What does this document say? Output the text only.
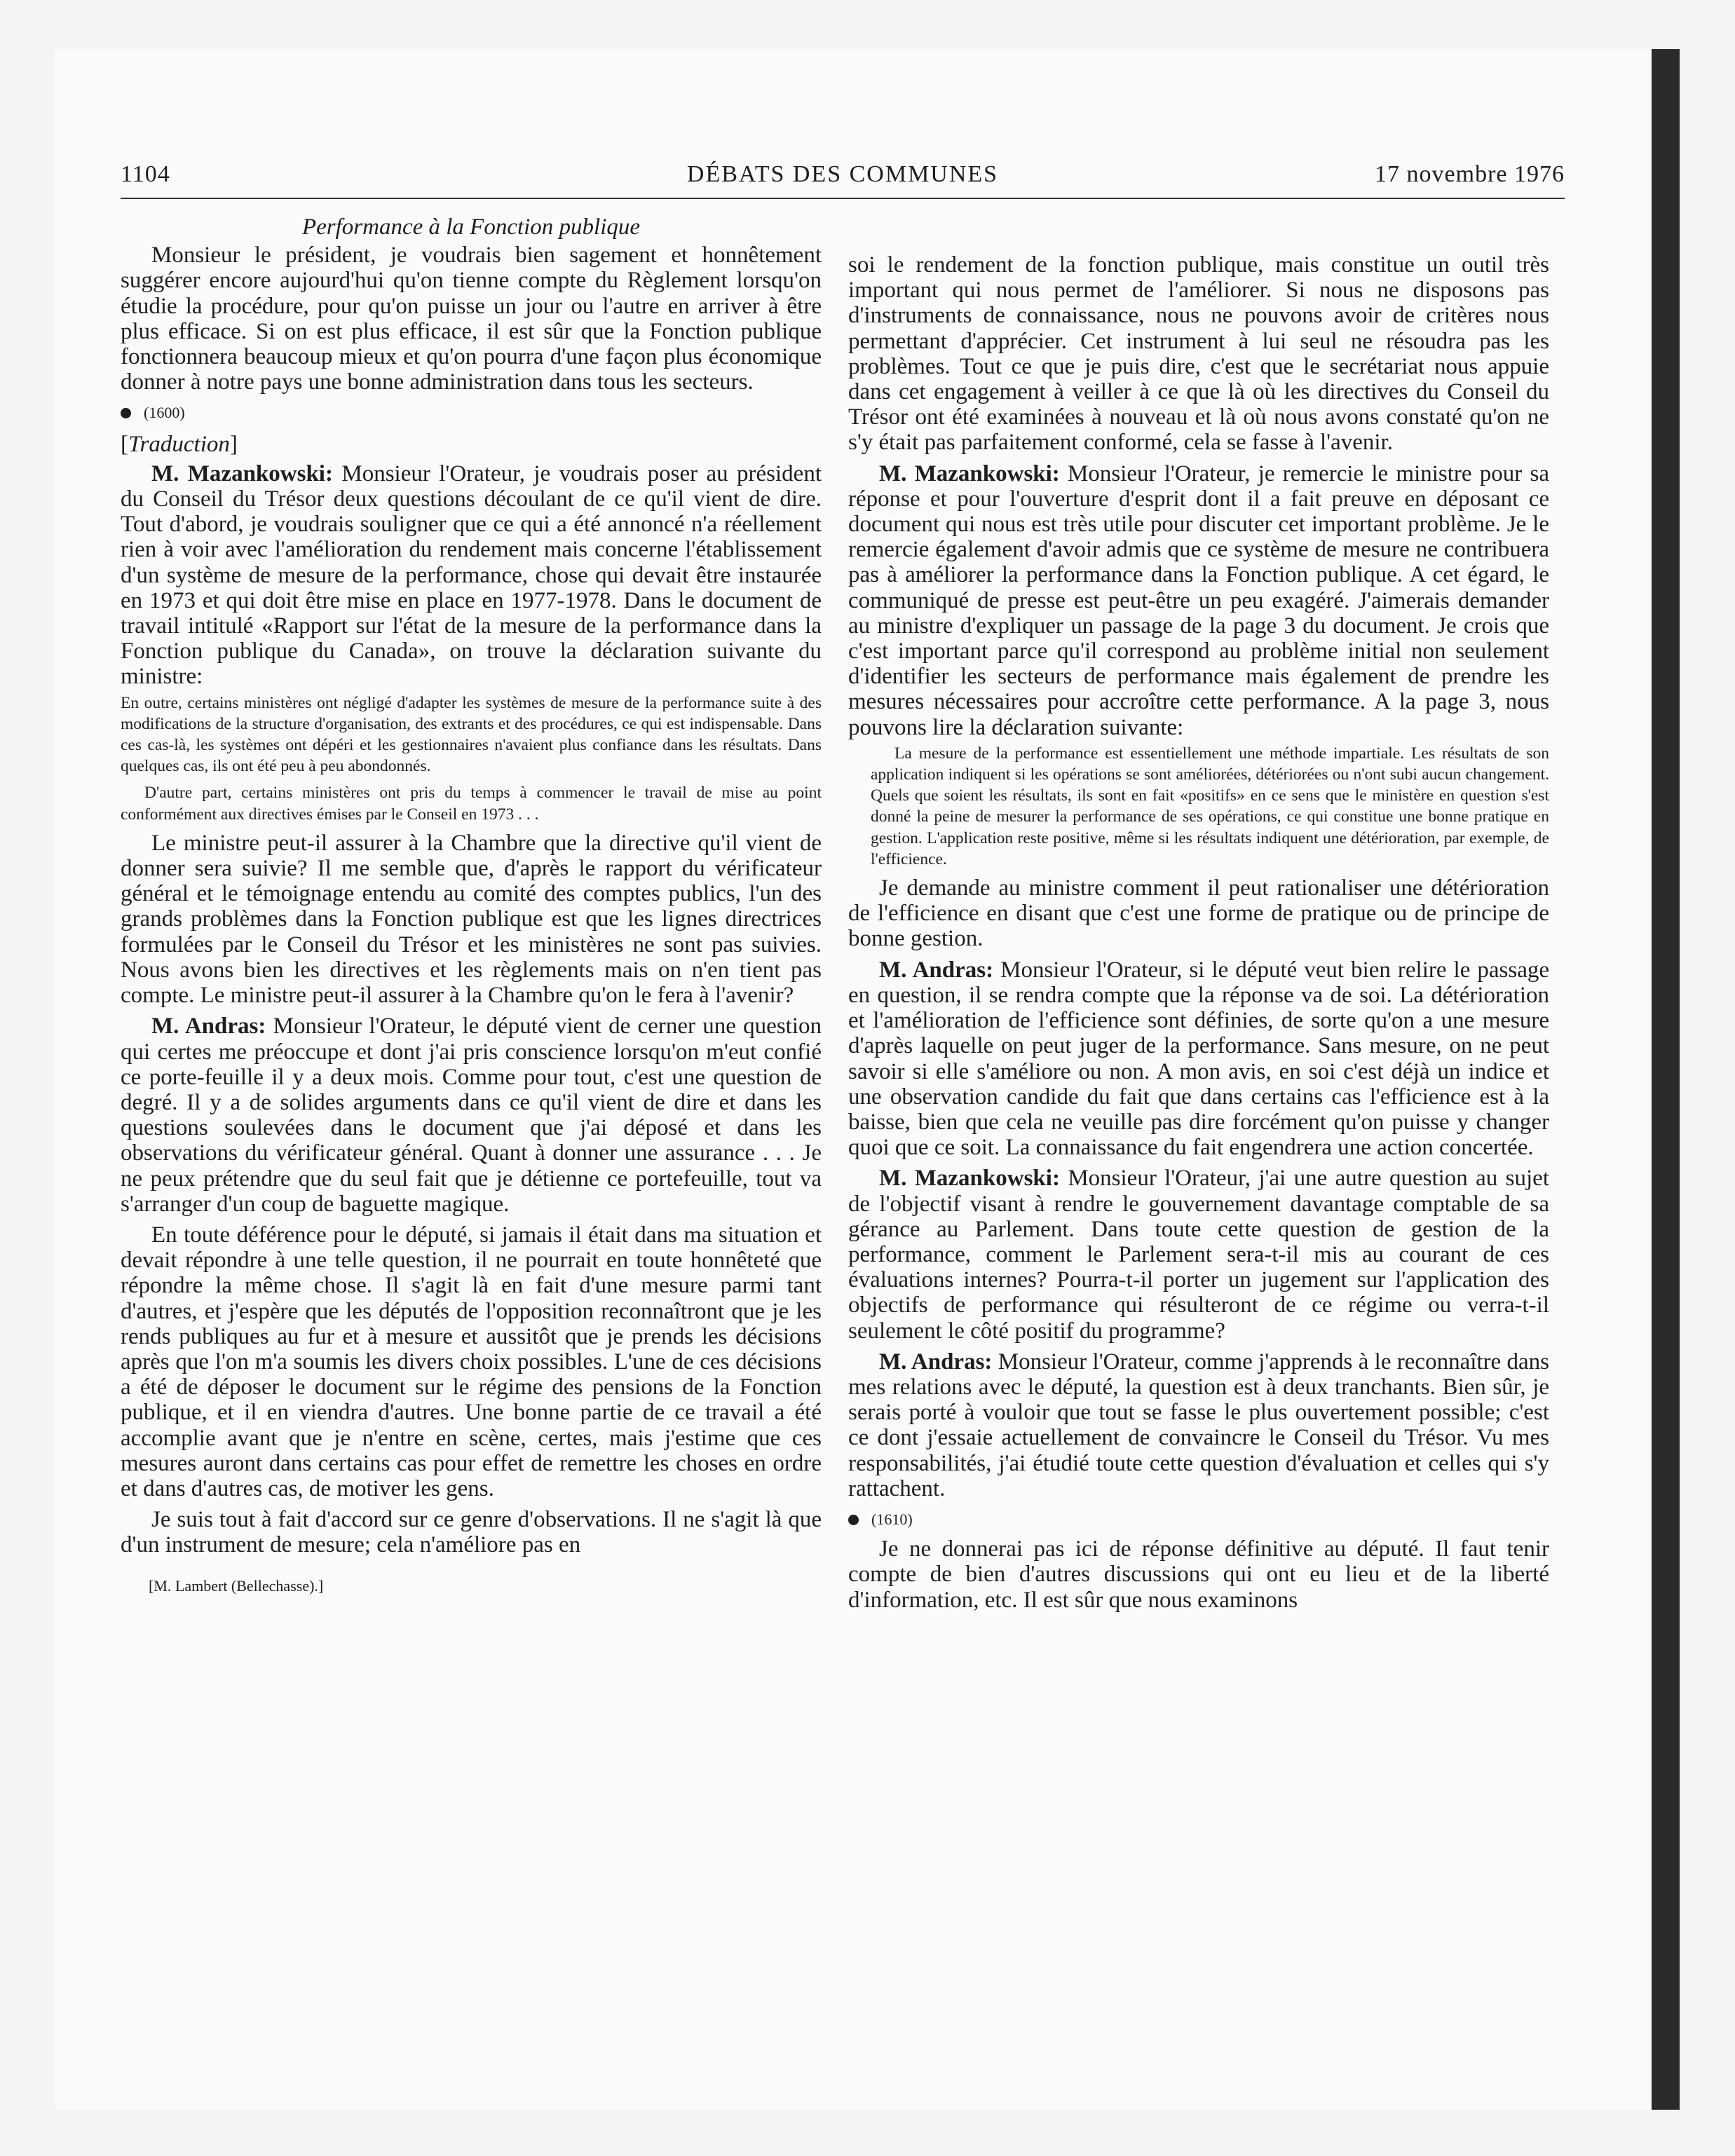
1104	DÉBATS DES COMMUNES	17 novembre 1976

Performance à la Fonction publique

Monsieur le président, je voudrais bien sagement et honnêtement suggérer encore aujourd'hui qu'on tienne compte du Règlement lorsqu'on étudie la procédure, pour qu'on puisse un jour ou l'autre en arriver à être plus efficace. Si on est plus efficace, il est sûr que la Fonction publique fonctionnera beaucoup mieux et qu'on pourra d'une façon plus économique donner à notre pays une bonne administration dans tous les secteurs.

(1600)

[Traduction]

M. Mazankowski: Monsieur l'Orateur, je voudrais poser au président du Conseil du Trésor deux questions découlant de ce qu'il vient de dire. Tout d'abord, je voudrais souligner que ce qui a été annoncé n'a réellement rien à voir avec l'amélioration du rendement mais concerne l'établissement d'un système de mesure de la performance, chose qui devait être instaurée en 1973 et qui doit être mise en place en 1977-1978. Dans le document de travail intitulé «Rapport sur l'état de la mesure de la performance dans la Fonction publique du Canada», on trouve la déclaration suivante du ministre:

En outre, certains ministères ont négligé d'adapter les systèmes de mesure de la performance suite à des modifications de la structure d'organisation, des extrants et des procédures, ce qui est indispensable. Dans ces cas-là, les systèmes ont dépéri et les gestionnaires n'avaient plus confiance dans les résultats. Dans quelques cas, ils ont été peu à peu abondonnés.

D'autre part, certains ministères ont pris du temps à commencer le travail de mise au point conformément aux directives émises par le Conseil en 1973 . . .

Le ministre peut-il assurer à la Chambre que la directive qu'il vient de donner sera suivie? Il me semble que, d'après le rapport du vérificateur général et le témoignage entendu au comité des comptes publics, l'un des grands problèmes dans la Fonction publique est que les lignes directrices formulées par le Conseil du Trésor et les ministères ne sont pas suivies. Nous avons bien les directives et les règlements mais on n'en tient pas compte. Le ministre peut-il assurer à la Chambre qu'on le fera à l'avenir?

M. Andras: Monsieur l'Orateur, le député vient de cerner une question qui certes me préoccupe et dont j'ai pris conscience lorsqu'on m'eut confié ce porte-feuille il y a deux mois. Comme pour tout, c'est une question de degré. Il y a de solides arguments dans ce qu'il vient de dire et dans les questions soulevées dans le document que j'ai déposé et dans les observations du vérificateur général. Quant à donner une assurance . . . Je ne peux prétendre que du seul fait que je détienne ce portefeuille, tout va s'arranger d'un coup de baguette magique.

En toute déférence pour le député, si jamais il était dans ma situation et devait répondre à une telle question, il ne pourrait en toute honnêteté que répondre la même chose. Il s'agit là en fait d'une mesure parmi tant d'autres, et j'espère que les députés de l'opposition reconnaîtront que je les rends publiques au fur et à mesure et aussitôt que je prends les décisions après que l'on m'a soumis les divers choix possibles. L'une de ces décisions a été de déposer le document sur le régime des pensions de la Fonction publique, et il en viendra d'autres. Une bonne partie de ce travail a été accomplie avant que je n'entre en scène, certes, mais j'estime que ces mesures auront dans certains cas pour effet de remettre les choses en ordre et dans d'autres cas, de motiver les gens.

Je suis tout à fait d'accord sur ce genre d'observations. Il ne s'agit là que d'un instrument de mesure; cela n'améliore pas en

[M. Lambert (Bellechasse).]

soi le rendement de la fonction publique, mais constitue un outil très important qui nous permet de l'améliorer. Si nous ne disposons pas d'instruments de connaissance, nous ne pouvons avoir de critères nous permettant d'apprécier. Cet instrument à lui seul ne résoudra pas les problèmes. Tout ce que je puis dire, c'est que le secrétariat nous appuie dans cet engagement à veiller à ce que là où les directives du Conseil du Trésor ont été examinées à nouveau et là où nous avons constaté qu'on ne s'y était pas parfaitement conformé, cela se fasse à l'avenir.

M. Mazankowski: Monsieur l'Orateur, je remercie le ministre pour sa réponse et pour l'ouverture d'esprit dont il a fait preuve en déposant ce document qui nous est très utile pour discuter cet important problème. Je le remercie également d'avoir admis que ce système de mesure ne contribuera pas à améliorer la performance dans la Fonction publique. A cet égard, le communiqué de presse est peut-être un peu exagéré. J'aimerais demander au ministre d'expliquer un passage de la page 3 du document. Je crois que c'est important parce qu'il correspond au problème initial non seulement d'identifier les secteurs de performance mais également de prendre les mesures nécessaires pour accroître cette performance. A la page 3, nous pouvons lire la déclaration suivante:

La mesure de la performance est essentiellement une méthode impartiale. Les résultats de son application indiquent si les opérations se sont améliorées, détériorées ou n'ont subi aucun changement. Quels que soient les résultats, ils sont en fait «positifs» en ce sens que le ministère en question s'est donné la peine de mesurer la performance de ses opérations, ce qui constitue une bonne pratique en gestion. L'application reste positive, même si les résultats indiquent une détérioration, par exemple, de l'efficience.

Je demande au ministre comment il peut rationaliser une détérioration de l'efficience en disant que c'est une forme de pratique ou de principe de bonne gestion.

M. Andras: Monsieur l'Orateur, si le député veut bien relire le passage en question, il se rendra compte que la réponse va de soi. La détérioration et l'amélioration de l'efficience sont définies, de sorte qu'on a une mesure d'après laquelle on peut juger de la performance. Sans mesure, on ne peut savoir si elle s'améliore ou non. A mon avis, en soi c'est déjà un indice et une observation candide du fait que dans certains cas l'efficience est à la baisse, bien que cela ne veuille pas dire forcément qu'on puisse y changer quoi que ce soit. La connaissance du fait engendrera une action concertée.

M. Mazankowski: Monsieur l'Orateur, j'ai une autre question au sujet de l'objectif visant à rendre le gouvernement davantage comptable de sa gérance au Parlement. Dans toute cette question de gestion de la performance, comment le Parlement sera-t-il mis au courant de ces évaluations internes? Pourra-t-il porter un jugement sur l'application des objectifs de performance qui résulteront de ce régime ou verra-t-il seulement le côté positif du programme?

M. Andras: Monsieur l'Orateur, comme j'apprends à le reconnaître dans mes relations avec le député, la question est à deux tranchants. Bien sûr, je serais porté à vouloir que tout se fasse le plus ouvertement possible; c'est ce dont j'essaie actuellement de convaincre le Conseil du Trésor. Vu mes responsabilités, j'ai étudié toute cette question d'évaluation et celles qui s'y rattachent.

(1610)

Je ne donnerai pas ici de réponse définitive au député. Il faut tenir compte de bien d'autres discussions qui ont eu lieu et de la liberté d'information, etc. Il est sûr que nous examinons
